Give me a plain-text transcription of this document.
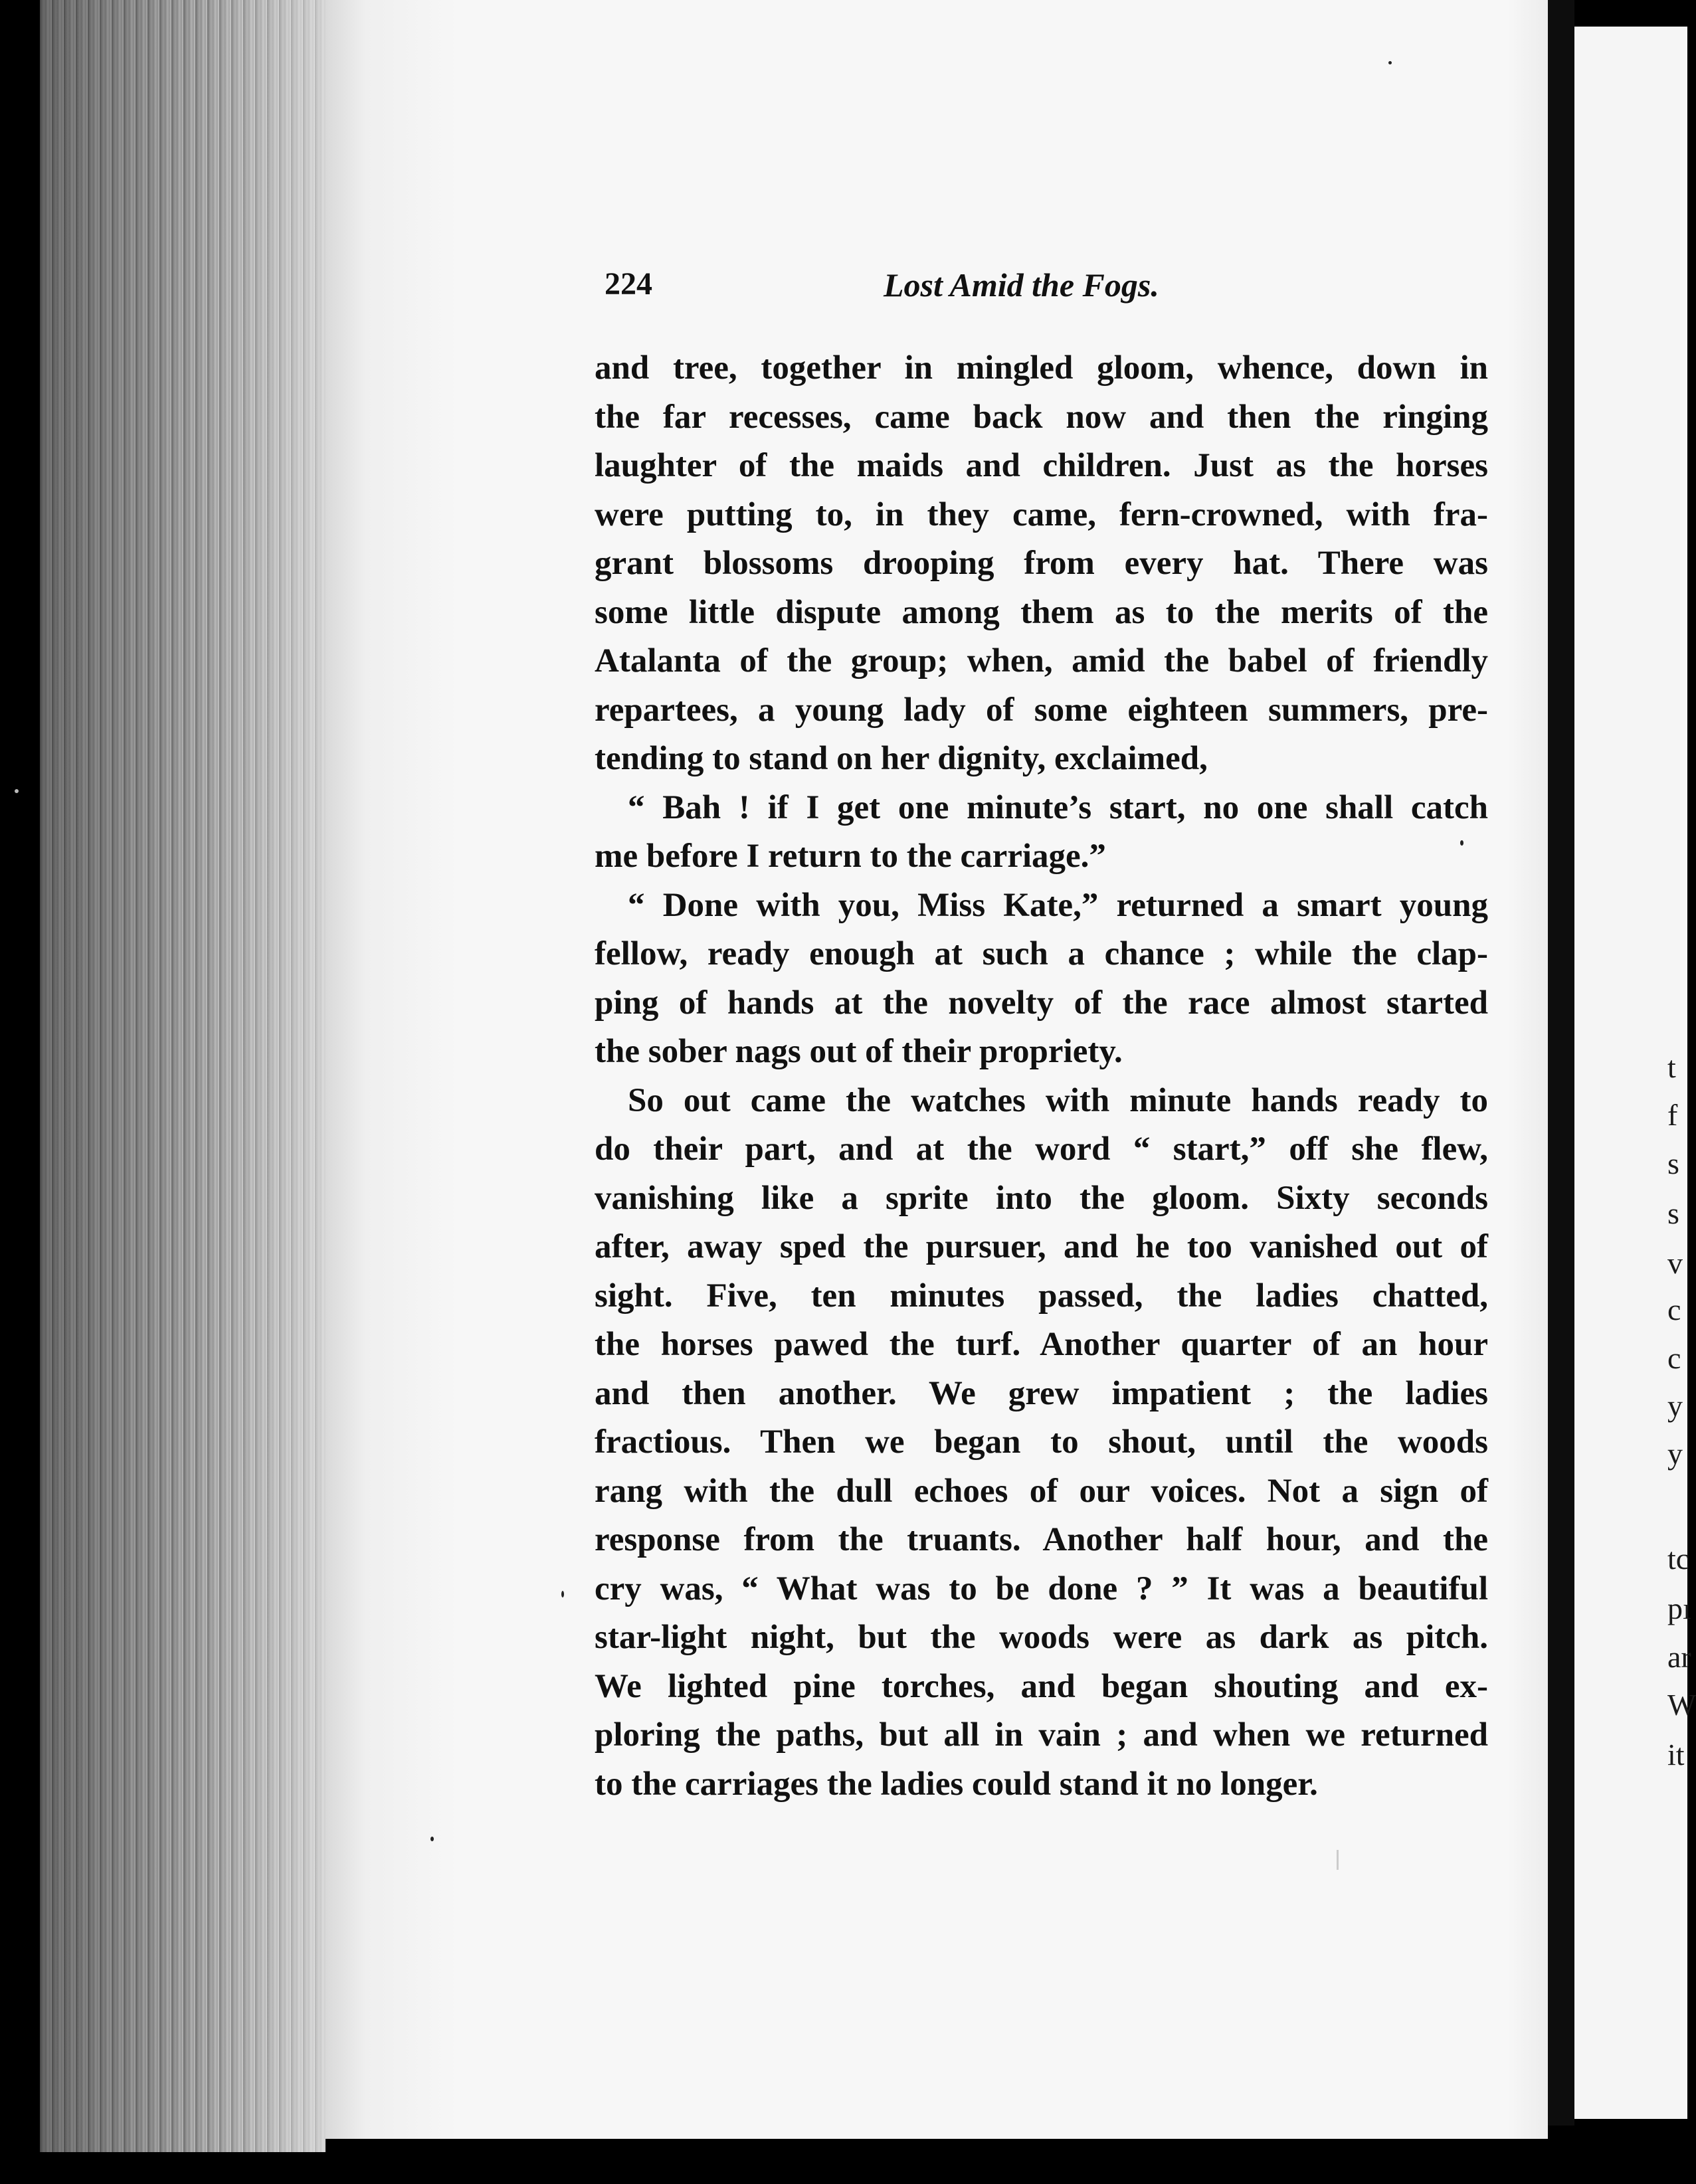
t
f
s
s
v
c
c
y
y
tc
pı
ar
W
it
224	Lost Amid the Fogs.
and tree, together in mingled gloom, whence, down in
the far recesses, came back now and then the ringing
laughter of the maids and children. Just as the horses
were putting to, in they came, fern-crowned, with fra-
grant blossoms drooping from every hat. There was
some little dispute among them as to the merits of the
Atalanta of the group; when, amid the babel of friendly
repartees, a young lady of some eighteen summers, pre-
tending to stand on her dignity, exclaimed,
“ Bah ! if I get one minute’s start, no one shall catch
me before I return to the carriage.”
“ Done with you, Miss Kate,” returned a smart young
fellow, ready enough at such a chance ; while the clap-
ping of hands at the novelty of the race almost started
the sober nags out of their propriety.
So out came the watches with minute hands ready to
do their part, and at the word “ start,” off she flew,
vanishing like a sprite into the gloom. Sixty seconds
after, away sped the pursuer, and he too vanished out of
sight. Five, ten minutes passed, the ladies chatted,
the horses pawed the turf. Another quarter of an hour
and then another. We grew impatient ; the ladies
fractious. Then we began to shout, until the woods
rang with the dull echoes of our voices. Not a sign of
response from the truants. Another half hour, and the
cry was, “ What was to be done ? ” It was a beautiful
star-light night, but the woods were as dark as pitch.
We lighted pine torches, and began shouting and ex-
ploring the paths, but all in vain ; and when we returned
to the carriages the ladies could stand it no longer.
